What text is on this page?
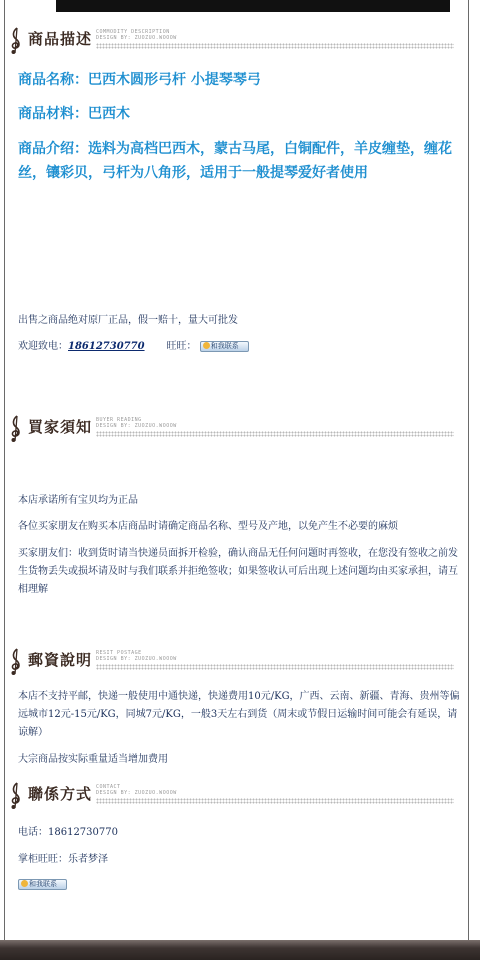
商品描述 COMMODITY DESCRIPTION
DESIGN BY: ZUOZUO.WOOOW
商品名称：巴西木圆形弓杆 小提琴琴弓
商品材料：巴西木
商品介绍：选料为高档巴西木，蒙古马尾，白铜配件，羊皮缠垫，缠花丝，镶彩贝，弓杆为八角形，适用于一般提琴爱好者使用
出售之商品绝对原厂正品，假一赔十，量大可批发
欢迎致电：18612730770 旺旺： 和我联系
買家須知 BUYER READING
DESIGN BY: ZUOZUO.WOOOW
本店承诺所有宝贝均为正品
各位买家朋友在购买本店商品时请确定商品名称、型号及产地，以免产生不必要的麻烦
买家朋友们：收到货时请当快递员面拆开检验，确认商品无任何问题时再签收，在您没有签收之前发生货物丢失或损坏请及时与我们联系并拒绝签收；如果签收认可后出现上述问题均由买家承担，请互相理解
郵資說明 RESIT POSTAGE
DESIGN BY: ZUOZUO.WOOOW
本店不支持平邮，快递一般使用中通快递，快递费用10元/KG，广西、云南、新疆、青海、贵州等偏远城市12元-15元/KG，同城7元/KG，一般3天左右到货（周末或节假日运输时间可能会有延误，请谅解）
大宗商品按实际重量适当增加费用
聯係方式 CONTACT
DESIGN BY: ZUOZUO.WOOOW
电话：18612730770
掌柜旺旺：乐者梦泽
和我联系
